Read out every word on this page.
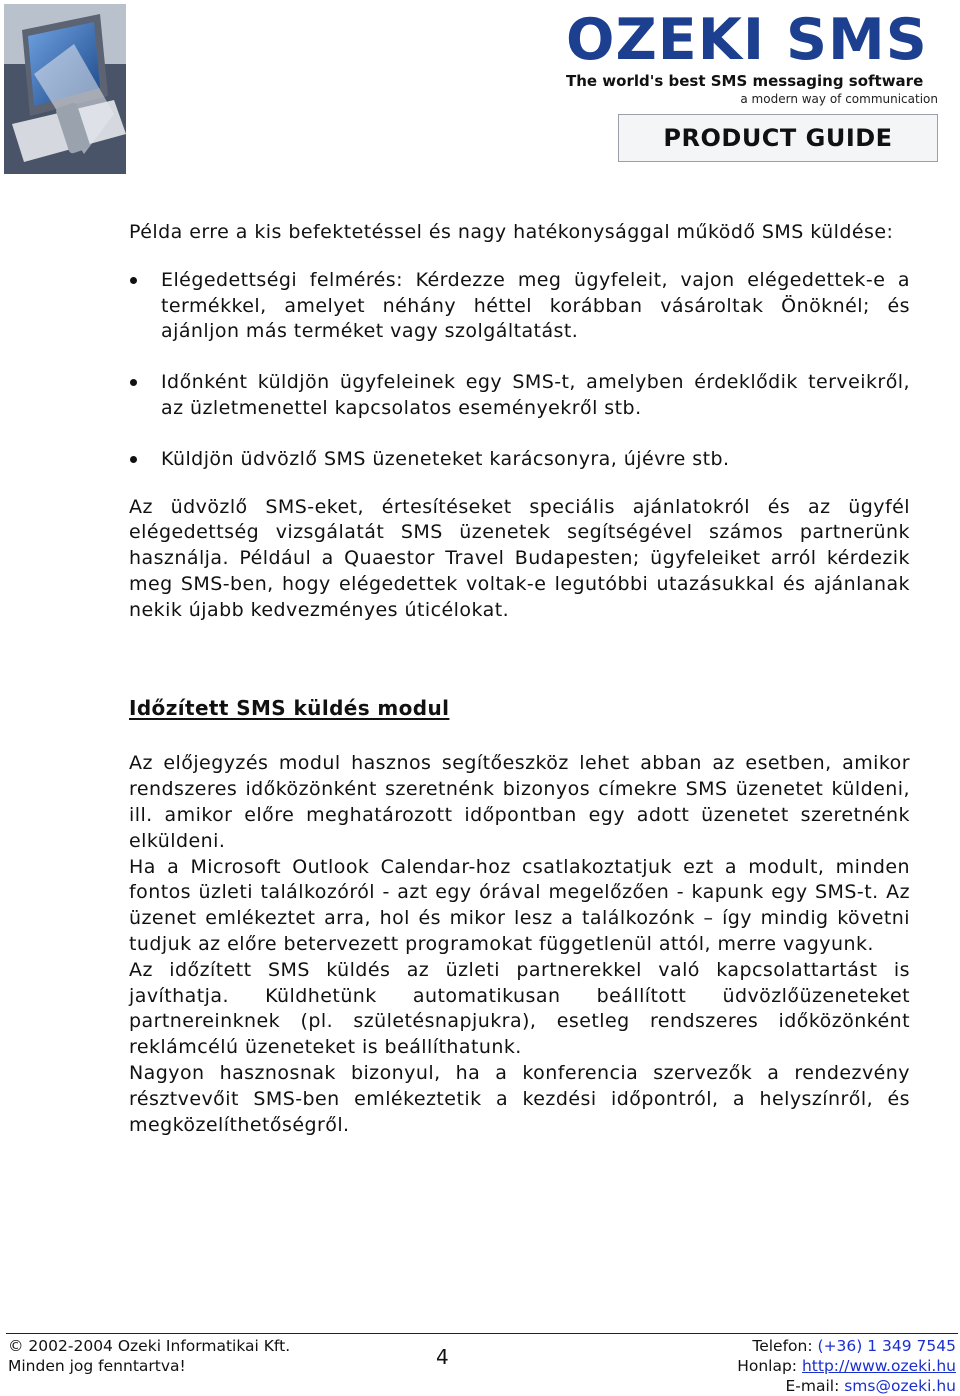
OZEKI SMS
The world's best SMS messaging software
a modern way of communication
PRODUCT GUIDE

Példa erre a kis befektetéssel és nagy hatékonysággal működő SMS küldése:

Elégedettségi felmérés: Kérdezze meg ügyfeleit, vajon elégedettek-e a termékkel, amelyet néhány héttel korábban vásároltak Önöknél; és ajánljon más terméket vagy szolgáltatást.
Időnként küldjön ügyfeleinek egy SMS-t, amelyben érdeklődik terveikről, az üzletmenettel kapcsolatos eseményekről stb.
Küldjön üdvözlő SMS üzeneteket karácsonyra, újévre stb.

Az üdvözlő SMS-eket, értesítéseket speciális ajánlatokról és az ügyfél elégedettség vizsgálatát SMS üzenetek segítségével számos partnerünk használja. Például a Quaestor Travel Budapesten; ügyfeleiket arról kérdezik meg SMS-ben, hogy elégedettek voltak-e legutóbbi utazásukkal és ajánlanak nekik újabb kedvezményes úticélokat.

Időzített SMS küldés modul

Az előjegyzés modul hasznos segítőeszköz lehet abban az esetben, amikor rendszeres időközönként szeretnénk bizonyos címekre SMS üzenetet küldeni, ill. amikor előre meghatározott időpontban egy adott üzenetet szeretnénk elküldeni.

Ha a Microsoft Outlook Calendar-hoz csatlakoztatjuk ezt a modult, minden fontos üzleti találkozóról - azt egy órával megelőzően - kapunk egy SMS-t. Az üzenet emlékeztet arra, hol és mikor lesz a találkozónk – így mindig követni tudjuk az előre betervezett programokat függetlenül attól, merre vagyunk.

Az időzített SMS küldés az üzleti partnerekkel való kapcsolattartást is javíthatja. Küldhetünk automatikusan beállított üdvözlőüzeneteket partnereinknek (pl. születésnapjukra), esetleg rendszeres időközönként reklámcélú üzeneteket is beállíthatunk.

Nagyon hasznosnak bizonyul, ha a konferencia szervezők a rendezvény résztvevőit SMS-ben emlékeztetik a kezdési időpontról, a helyszínről, és megközelíthetőségről.

© 2002-2004 Ozeki Informatikai Kft.
Minden jog fenntartva!	4	Telefon: (+36) 1 349 7545
Honlap: http://www.ozeki.hu
E-mail: sms@ozeki.hu
